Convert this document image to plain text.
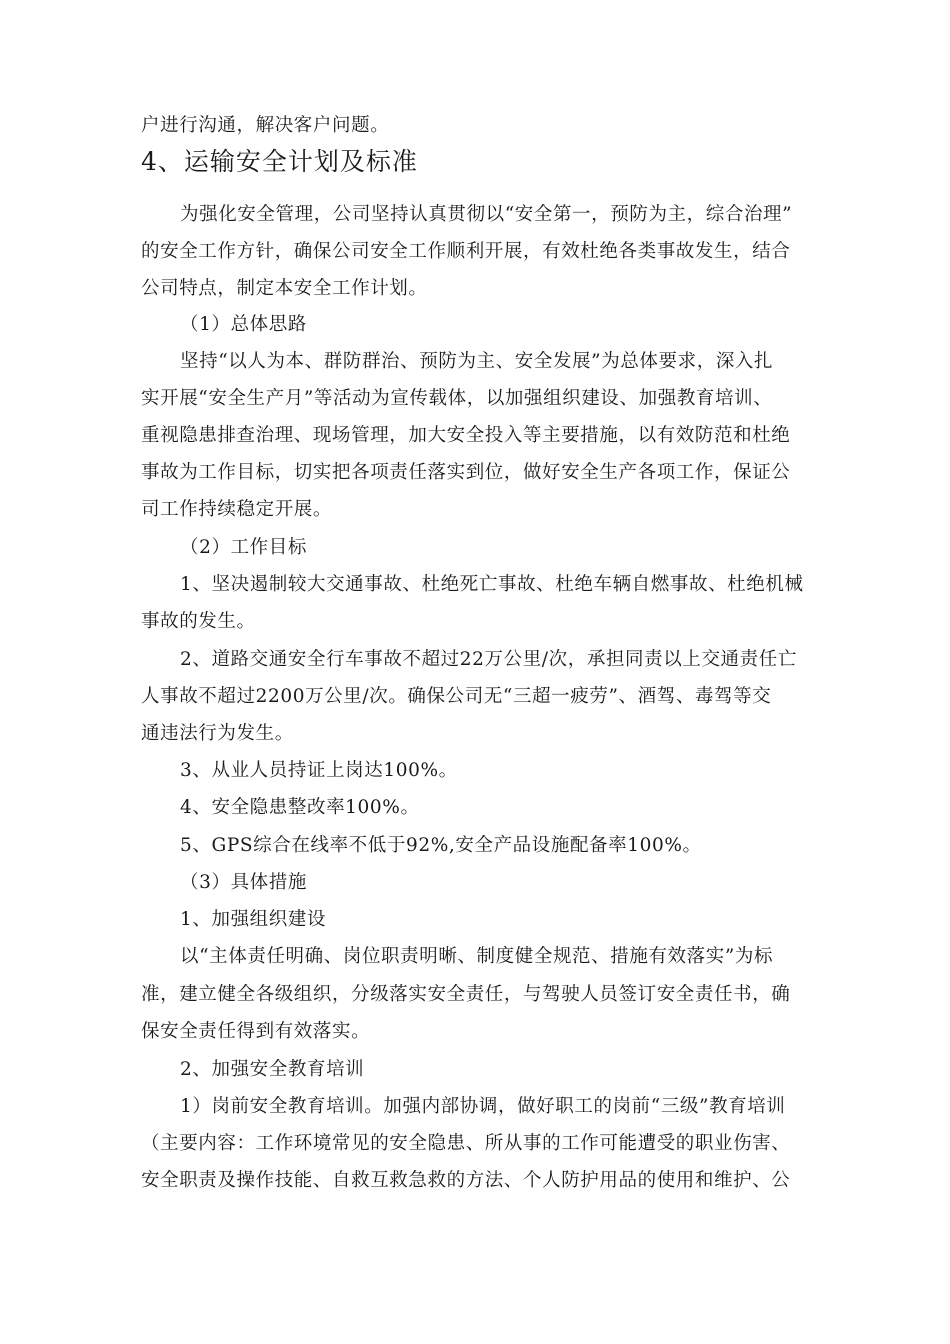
户进行沟通，解决客户问题。
4、运输安全计划及标准
为强化安全管理，公司坚持认真贯彻以“安全第一，预防为主，综合治理”
的安全工作方针，确保公司安全工作顺利开展，有效杜绝各类事故发生，结合
公司特点，制定本安全工作计划。
（1）总体思路
坚持“以人为本、群防群治、预防为主、安全发展”为总体要求，深入扎
实开展“安全生产月”等活动为宣传载体，以加强组织建设、加强教育培训、
重视隐患排查治理、现场管理，加大安全投入等主要措施，以有效防范和杜绝
事故为工作目标，切实把各项责任落实到位，做好安全生产各项工作，保证公
司工作持续稳定开展。
（2）工作目标
1、坚决遏制较大交通事故、杜绝死亡事故、杜绝车辆自燃事故、杜绝机械
事故的发生。
2、道路交通安全行车事故不超过22万公里/次，承担同责以上交通责任亡
人事故不超过2200万公里/次。确保公司无“三超一疲劳”、酒驾、毒驾等交
通违法行为发生。
3、从业人员持证上岗达100%。
4、安全隐患整改率100%。
5、GPS综合在线率不低于92%,安全产品设施配备率100%。
（3）具体措施
1、加强组织建设
以“主体责任明确、岗位职责明晰、制度健全规范、措施有效落实”为标
准，建立健全各级组织，分级落实安全责任，与驾驶人员签订安全责任书，确
保安全责任得到有效落实。
2、加强安全教育培训
1）岗前安全教育培训。加强内部协调，做好职工的岗前“三级”教育培训
（主要内容：工作环境常见的安全隐患、所从事的工作可能遭受的职业伤害、
安全职责及操作技能、自救互救急救的方法、个人防护用品的使用和维护、公
